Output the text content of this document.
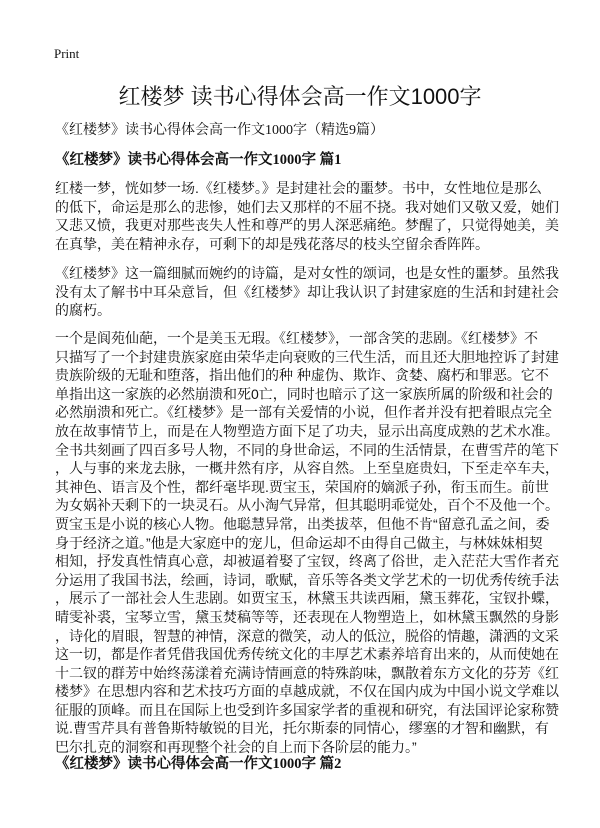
Print
红楼梦 读书心得体会高一作文1000字
《红楼梦》读书心得体会高一作文1000字（精选9篇）
《红楼梦》读书心得体会高一作文1000字 篇1
红楼一梦，恍如梦一场.《红楼梦。》是封建社会的噩梦。书中，女性地位是那么
的低下，命运是那么的悲惨，她们去又那样的不屈不挠。我对她们又敬又爱，她们
又悲又愤，我更对那些丧失人性和尊严的男人深恶痛绝。梦醒了，只觉得她美，美
在真挚，美在精神永存，可剩下的却是残花落尽的枝头空留余香阵阵。
《红楼梦》这一篇细腻而婉约的诗篇，是对女性的颂词，也是女性的噩梦。虽然我
没有太了解书中耳朵意旨，但《红楼梦》却让我认识了封建家庭的生活和封建社会
的腐朽。
一个是阆苑仙葩，一个是美玉无瑕。《红楼梦》，一部含笑的悲剧。《红楼梦》不
只描写了一个封建贵族家庭由荣华走向衰败的三代生活，而且还大胆地控诉了封建
贵族阶级的无耻和堕落，指出他们的种 种虚伪、欺诈、贪婪、腐朽和罪恶。它不
单指出这一家族的必然崩溃和死0亡，同时也暗示了这一家族所属的阶级和社会的
必然崩溃和死亡。《红楼梦》是一部有关爱情的小说，但作者并没有把着眼点完全
放在故事情节上，而是在人物塑造方面下足了功夫，显示出高度成熟的艺术水准。
全书共刻画了四百多号人物，不同的身世命运，不同的生活情景，在曹雪芹的笔下
，人与事的来龙去脉，一概井然有序，从容自然。上至皇庭贵妇，下至走卒车夫，
其神色、语言及个性，都纤毫毕现.贾宝玉，荣国府的嫡派子孙，衔玉而生。前世
为女娲补天剩下的一块灵石。从小淘气异常，但其聪明乖觉处，百个不及他一个。
贾宝玉是小说的核心人物。他聪慧异常，出类拔萃，但他不肯“留意孔孟之间，委
身于经济之道。”他是大家庭中的宠儿，但命运却不由得自己做主，与林妹妹相契
相知，抒发真性情真心意，却被逼着娶了宝钗，终离了俗世，走入茫茫大雪作者充
分运用了我国书法，绘画，诗词，歌赋，音乐等各类文学艺术的一切优秀传统手法
，展示了一部社会人生悲剧。如贾宝玉，林黛玉共读西厢，黛玉葬花，宝钗扑蝶，
晴雯补裘，宝琴立雪，黛玉焚稿等等，还表现在人物塑造上，如林黛玉飘然的身影
，诗化的眉眼，智慧的神情，深意的微笑，动人的低泣，脱俗的情趣，潇洒的文采
这一切，都是作者凭借我国优秀传统文化的丰厚艺术素养培育出来的，从而使她在
十二钗的群芳中始终荡漾着充满诗情画意的特殊韵味，飘散着东方文化的芬芳《红
楼梦》在思想内容和艺术技巧方面的卓越成就，不仅在国内成为中国小说文学难以
征服的顶峰。而且在国际上也受到许多国家学者的重视和研究，有法国评论家称赞
说.曹雪芹具有普鲁斯特敏锐的目光，托尔斯泰的同情心，缪塞的才智和幽默，有
巴尔扎克的洞察和再现整个社会的自上而下各阶层的能力。”
《红楼梦》读书心得体会高一作文1000字 篇2
